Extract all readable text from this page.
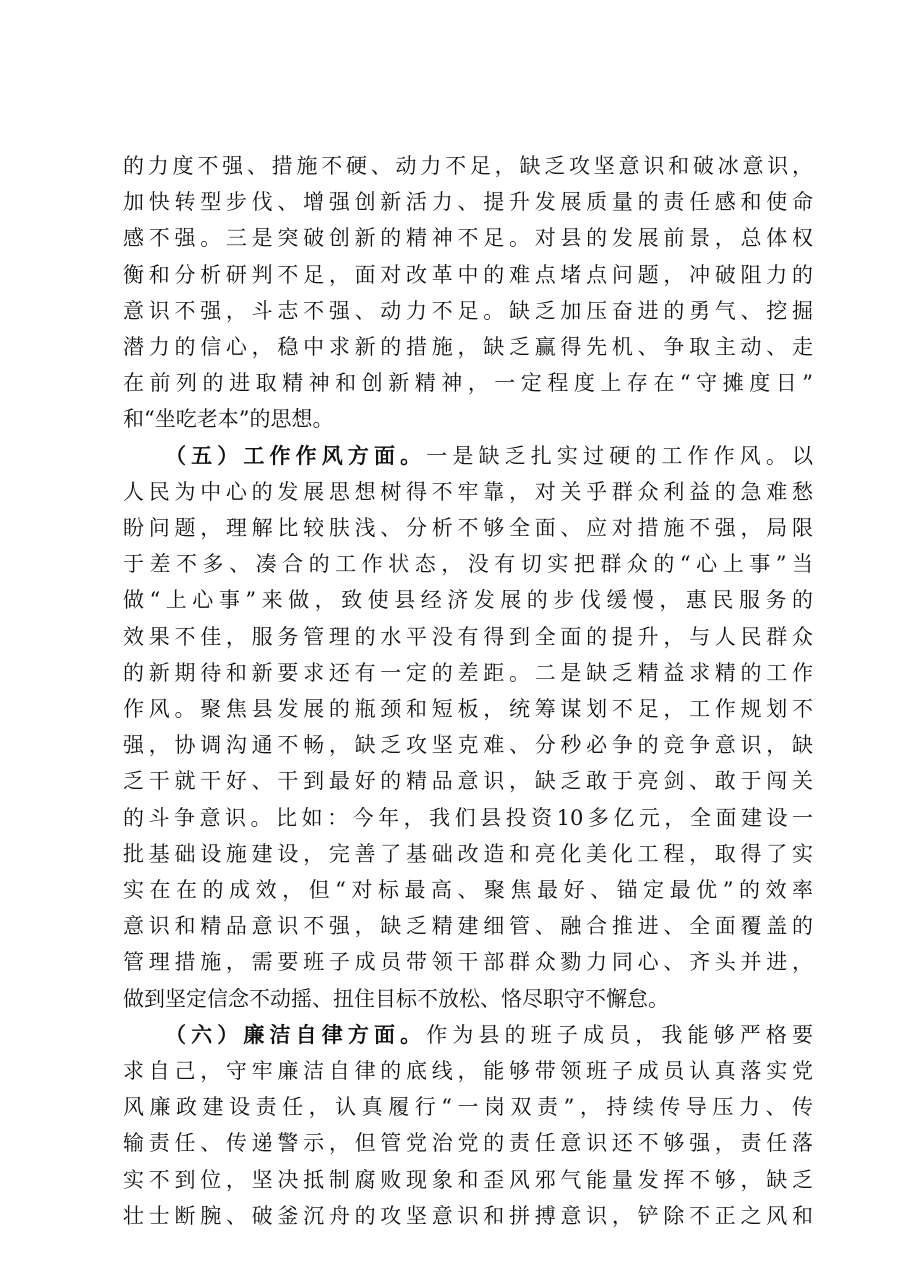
的力度不强、措施不硬、动力不足，缺乏攻坚意识和破冰意识，
加快转型步伐、增强创新活力、提升发展质量的责任感和使命
感不强。三是突破创新的精神不足。对县的发展前景，总体权
衡和分析研判不足，面对改革中的难点堵点问题，冲破阻力的
意识不强，斗志不强、动力不足。缺乏加压奋进的勇气、挖掘
潜力的信心，稳中求新的措施，缺乏赢得先机、争取主动、走
在前列的进取精神和创新精神，一定程度上存在“守摊度日”
和“坐吃老本”的思想。
（五）工作作风方面。一是缺乏扎实过硬的工作作风。以
人民为中心的发展思想树得不牢靠，对关乎群众利益的急难愁
盼问题，理解比较肤浅、分析不够全面、应对措施不强，局限
于差不多、凑合的工作状态，没有切实把群众的“心上事”当
做“上心事”来做，致使县经济发展的步伐缓慢，惠民服务的
效果不佳，服务管理的水平没有得到全面的提升，与人民群众
的新期待和新要求还有一定的差距。二是缺乏精益求精的工作
作风。聚焦县发展的瓶颈和短板，统筹谋划不足，工作规划不
强，协调沟通不畅，缺乏攻坚克难、分秒必争的竞争意识，缺
乏干就干好、干到最好的精品意识，缺乏敢于亮剑、敢于闯关
的斗争意识。比如：今年，我们县投资10多亿元，全面建设一
批基础设施建设，完善了基础改造和亮化美化工程，取得了实
实在在的成效，但“对标最高、聚焦最好、锚定最优”的效率
意识和精品意识不强，缺乏精建细管、融合推进、全面覆盖的
管理措施，需要班子成员带领干部群众勠力同心、齐头并进，
做到坚定信念不动摇、扭住目标不放松、恪尽职守不懈怠。
（六）廉洁自律方面。作为县的班子成员，我能够严格要
求自己，守牢廉洁自律的底线，能够带领班子成员认真落实党
风廉政建设责任，认真履行“一岗双责”，持续传导压力、传
输责任、传递警示，但管党治党的责任意识还不够强，责任落
实不到位，坚决抵制腐败现象和歪风邪气能量发挥不够，缺乏
壮士断腕、破釜沉舟的攻坚意识和拼搏意识，铲除不正之风和
